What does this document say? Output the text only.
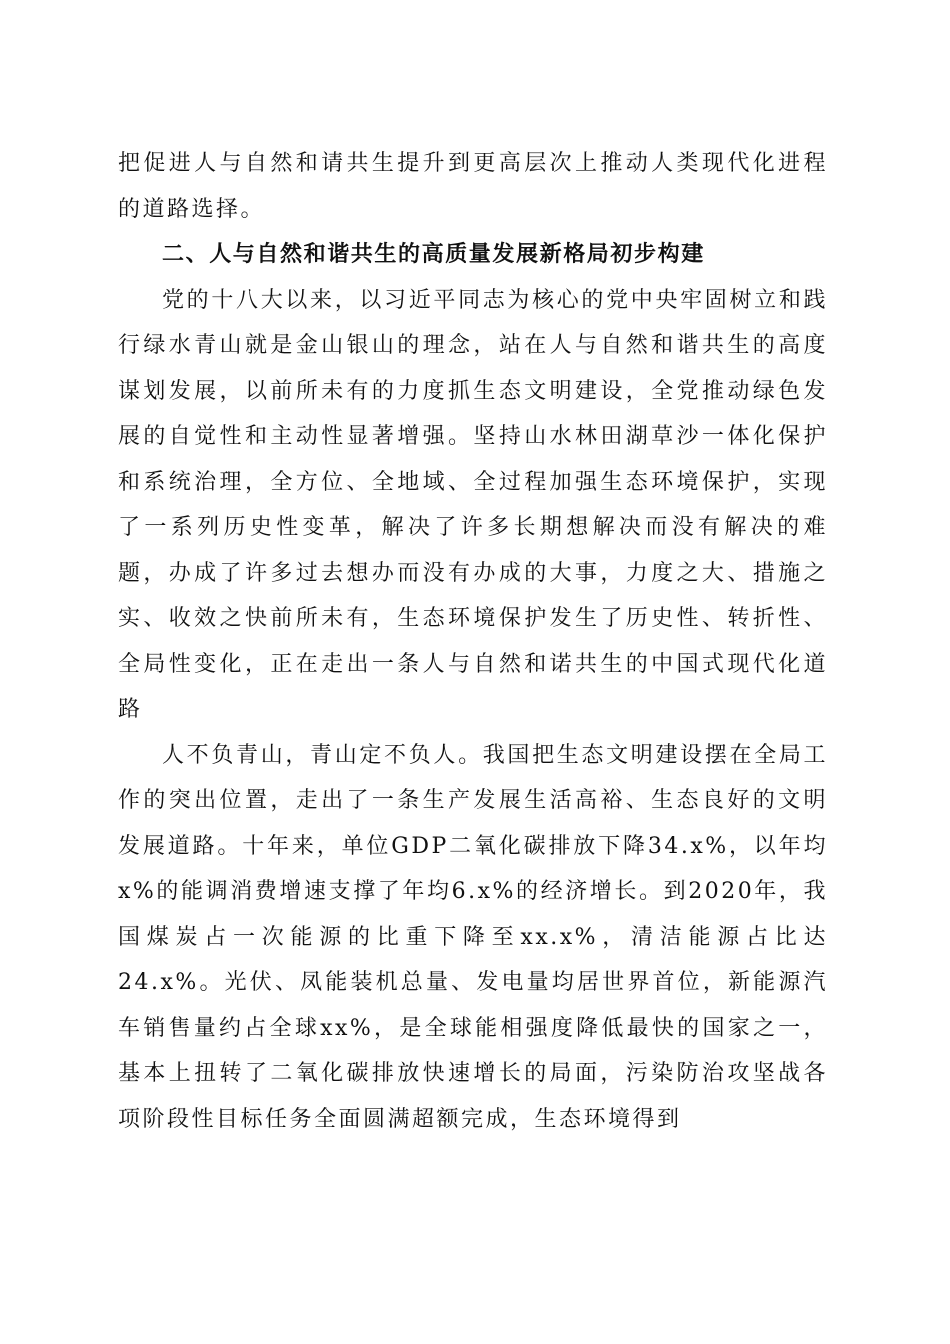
把促进人与自然和请共生提升到更高层次上推动人类现代化进程的道路选择。

二、人与自然和谐共生的高质量发展新格局初步构建

党的十八大以来，以习近平同志为核心的党中央牢固树立和践行绿水青山就是金山银山的理念，站在人与自然和谐共生的高度谋划发展，以前所未有的力度抓生态文明建设，全党推动绿色发展的自觉性和主动性显著增强。坚持山水林田湖草沙一体化保护和系统治理，全方位、全地域、全过程加强生态环境保护，实现了一系列历史性变革，解决了许多长期想解决而没有解决的难题，办成了许多过去想办而没有办成的大事，力度之大、措施之实、收效之快前所未有，生态环境保护发生了历史性、转折性、全局性变化，正在走出一条人与自然和诺共生的中国式现代化道路

人不负青山，青山定不负人。我国把生态文明建设摆在全局工作的突出位置，走出了一条生产发展生活高裕、生态良好的文明发展道路。十年来，单位GDP二氧化碳排放下降34.x%，以年均x%的能调消费增速支撑了年均6.x%的经济增长。到2020年，我国煤炭占一次能源的比重下降至xx.x%，清洁能源占比达24.x%。光伏、凤能装机总量、发电量均居世界首位，新能源汽车销售量约占全球xx%，是全球能相强度降低最快的国家之一，基本上扭转了二氧化碳排放快速增长的局面，污染防治攻坚战各项阶段性目标任务全面圆满超额完成，生态环境得到
